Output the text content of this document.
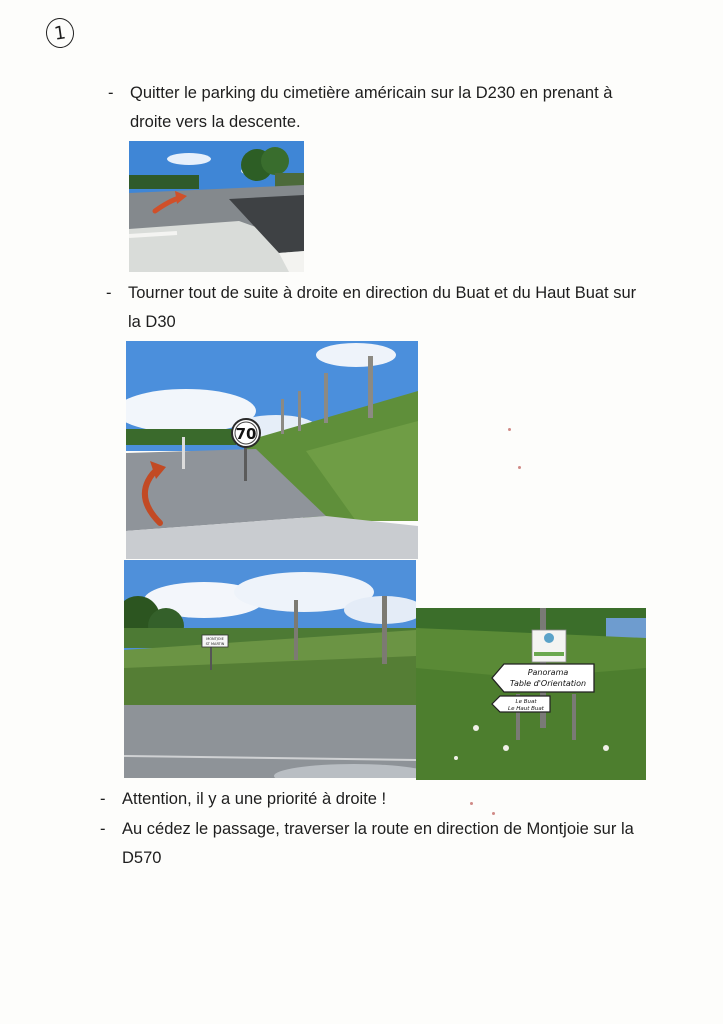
1
- Quitter le parking du cimetière américain sur la D230 en prenant à
droite vers la descente.
- Tourner tout de suite à droite en direction du Buat et du Haut Buat sur
la D30
70
MONTJOIE
ST MARTIN
Panorama
Table d'Orientation
Le Buat
Le Haut Buat
- Attention, il y a une priorité à droite !
- Au cédez le passage, traverser la route en direction de Montjoie sur la
D570
